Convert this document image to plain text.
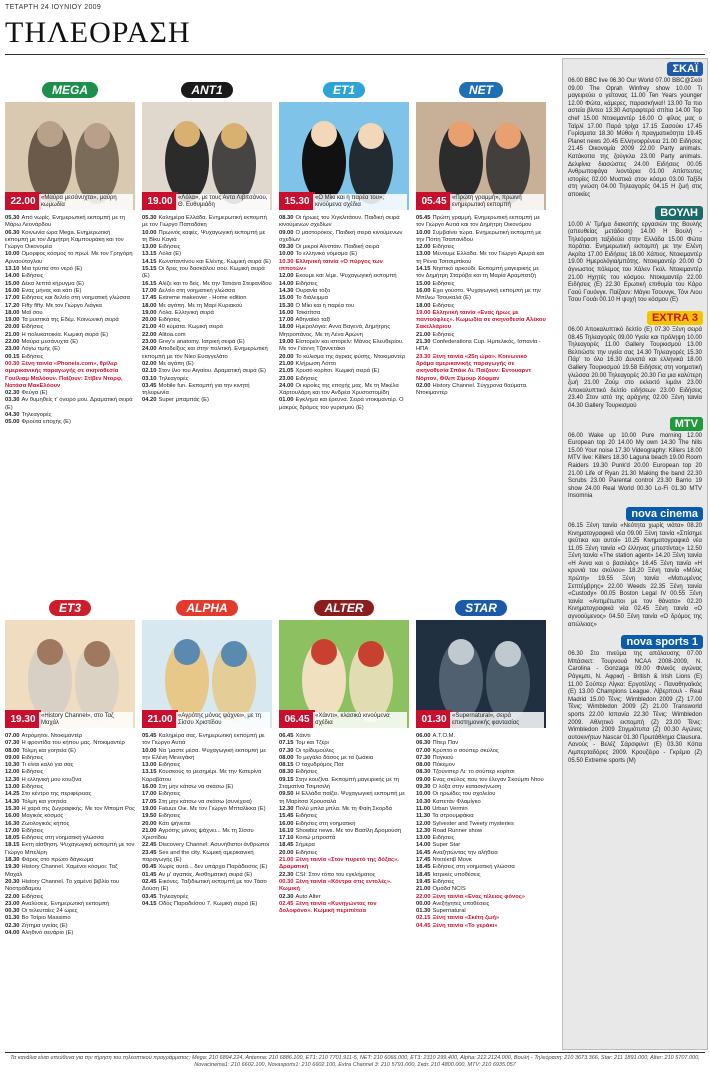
ΤΕΤΑΡΤΗ 24 ΙΟΥΝΙΟΥ 2009
ΤΗΛΕΟΡΑΣΗ
MEGA
22.00 «Μαύρα μεσάνυχτα», μαύρη κωμωδία
05.30 Από νωρίς. Ενημερωτική εκπομπή με τη Μάρω Λεονάρδου
06.30 Κοινωνία ώρα Mega. Ενημερωτική εκπομπή με τον Δημήτρη Καμπουράκη και τον Γιώργο Οικονομέα
10.00 Ομορφος κόσμος το πρωί. Με τον Γρηγόρη Αρναούτογλου
13.10 Μια τρύπα στο νερό (Ε)
14.00 Ειδήσεις
15.00 Δέκα λεπτά κήρυγμα (Ε)
16.00 Ενας μήνας και κάτι (Ε)
17.00 Ειδήσεις και δελτίο στη νοηματική γλώσσα
17.20 Fifty fifty. Με τον Γιώργο Λιάγκα
18.00 Μαΐ σου
19.00 Τα μυστικά της Εδέμ. Κοινωνική σειρά
20.00 Ειδήσεις
21.00 Η πολυκατοικία. Κωμική σειρά (Ε)
22.00 Μαύρα μεσάνυχτα (Ε)
23.00 Λόγω τιμής (Ε)
00.15 Ειδήσεις
00.30 Ξένη ταινία «Phoneis.com», θρίλερ αμερικανικής παραγωγής σε σκηνοθεσία Γουίλιαμ Μαλόουν. Παίζουν: Στίβεν Ντορφ, Νατάσα ΜακΕλόουν
02.30 Φεύγα (Ε)
03.30 Αν θυμηθείς τ' όνειρό μου. Δραματική σειρά (Ε)
04.30 Τηλεαγορές
05.00 Φρούτα εποχής (Ε)
ANT1
19.00 «Λόλα», με τους Αντα Λιβιτσάνου, Θ. Ευθυμιάδη
05.30 Καλημέρα Ελλάδα. Ενημερωτική εκπομπή με τον Γιώργο Παπαδάκη
10.00 Πρωινός καφές. Ψυχαγωγική εκπομπή με τη Βίκυ Καγιά
13.00 Ειδήσεις
13.15 Λόλα (Ε)
14.15 Κωνσταντίνου και Ελένης. Κωμική σειρά (Ε)
15.15 Οι δρες του δασκάλου σου. Κωμική σειρά (Ε)
16.15 Αλίζε και το δείς. Με την Τατιάνα Στεφανίδου
17.00 Δελτίο στη νοηματική γλώσσα
17.45 Extreme makeover - Home edition
18.00 Με αγάπη. Με τη Μαρί Κυριακού
19.00 Λόλα. Ελληνική σειρά
20.00 Ειδήσεις
21.00 40 κύματα. Κωμική σειρά
22.00 Αlitoa.com
23.00 Grey's anatomy. Ιατρική σειρά (Ε)
24.00 Αποδείξεις και στην πολιτική. Ενημερωτική εκπομπή με τον Νίκο Ευαγγελάτο
02.00 Με αγάπη (Ε)
02.10 Στον ίλιο του Αιγαίου. Δραματική σειρά (Ε)
03.10 Τηλεαγορές
03.45 Mobile fun. Εκπομπή για την κινητή τηλεφωνία
04.20 Super μπαμπάς (Ε)
ET1
15.30 «Ο Μίκι και η παρέα του», κινούμενα σχέδια
08.30 Οι ήρωες του Χιγκλιτάουν. Παιδική σειρά κινούμενων σχεδίων
09.00 Ο μαστορόκος. Παιδική σειρά κινούμενων σχεδίων
09.30 Οι μικροί Αϊνστάιν. Παιδική σειρά
10.00 Το ελληνικό νόμισμα (Ε)
10.30 Ελληνική ταινία «Ο πύργος των ιπποτών»
12.00 Εκουμε και λέμε. Ψυχαγωγική εκπομπή
14.00 Ειδήσεις
14.30 Ουρανία τόξο
15.00 Το διάλειμμα
15.30 Ο Μίκι και η παρέα του
16.00 Τσικιτίτσα
17.00 Αθηναϊκό ταξί
18.00 Ημερολόγια: Αννα Βαγενά, Δημήτρης Μητροπάνος. Με τη Λένα Αρώνη
19.00 Είστορεϊν και ιστορείν: Μάνος Ελευθερίου. Με τον Γιάννη Τζαννετάκο
20.00 Το κύλισμα της άγριας φύσης. Ντοκιμαντέρ
21.00 Κλήρωση Λόττο
21.05 Χρυσό κορίτσι. Κωμική σειρά (Ε)
23.00 Ειδήσεις
24.00 Οι κιροίες της εποχής μας. Με τη Μικέλα Χαρτουλάρη και τον Ανδρέα Χρυσοστομίδη
01.00 Εγκλημα και έρευνα. Σειρά ντοκιμαντέρ. Ο μακρύς δρόμος του γυρισμού (Ε)
NET
05.45 «Πρώτη γραμμή», πρωινή ενημερωτική εκπομπή
05.45 Πρώτη γραμμή. Ενημερωτική εκπομπή με τον Γιώργο Αυτιά και τον Δημήτρη Οικονόμου
10.00 Συμβαίνει τώρα. Ενημερωτική εκπομπή με την Πόπη Τσαπανίδου
12.00 Ειδήσεις
13.00 Μένουμε Ελλάδα. Με τον Γιώργο Αμυρά και τη Ρένια Τσιτσιμπίκου
14.15 Νηστικό αρκούδι. Εκπομπή μαγειρικής με τον Δημήτρη Σταρόβα και τη Μαρία Αραμπατζή
15.00 Ειδήσεις
16.00 Εχει γούστο. Ψυχαγωγική εκπομπή με την Μπίλιω Τσουκαλά (Ε)
18.00 Ειδήσεις
19.00 Ελληνική ταινία «Ενας ήρως με παντούφλες». Κωμωδία σε σκηνοθεσία Αλέκου Σακελλάριου
21.00 Ειδήσεις
21.30 Confederations Cup. Ημιτελικός, Ισπανία - ΗΠΑ
23.30 Ξένη ταινία «25η ώρα». Κοινωνικό δράμα αμερικανικής παραγωγής σε σκηνοθεσία Σπάικ Λι. Παίζουν: Εντουαρντ Νόρτον, Φίλιπ Σίμουρ Χόφμαν
02.00 History Channel. Σύγχρονα θαύματα. Ντοκιμαντέρ
ET3
19.30 «History Channel», στο Ταζ Μαχάλ
07.00 Ατρόμητοι. Ντοκιμαντέρ
07.30 Η φροντίδα του κήπου μας. Ντοκιμαντέρ
08.00 Τόλμη και γοητεία (Ε)
09.00 Ειδήσεις
10.30 Τι είναι καλό για σας
12.00 Ειδήσεις
12.30 Η ελληνική μου κουζίνα
13.00 Ειδήσεις
14.25 Στο κέντρο της περιφέρειας
14.30 Τόλμη και γοητεία
15.30 Η χαρά της ζωγραφικής. Με τον Μπομπ Ρος
16.00 Μαγικός κόσμος
16.30 Ζωολογικός κήπος
17.00 Ειδήσεις
18.05 Ειδήσεις στη νοηματική γλώσσα
18.15 Εκτη αίσθηση. Ψυχαγωγική εκπομπή με τον Γιώργο Μπελίρη
18.30 Φάρος στο πρώτο δάγκωμα
19.30 History Channel. Χαμένοι κόσμοι: Ταζ Μαχάλ
20.30 History Channel. Το χαμένο βιβλίο του Νοστράδαμου
22.00 Ειδήσεις
23.00 Αναλύσεις. Ενημερωτική εκπομπή
00.30 Οι τελευταίες 24 ώρες
01.30 Bo Τσίριο Massimo
02.30 Ζήτημα υγείας (Ε)
04.00 Αληθινό σενάριο (Ε)
ALPHA
21.00 «Αγρότης μόνος ψάχνει», με τη Σίσσυ Χριστίδου
05.45 Καλημέρα σας. Ενημερωτική εκπομπή με τον Γιώργο Αυτιά
10.00 Να 'μαστε μέσα. Ψυχαγωγική εκπομπή με την Ελένη Μενεγάκη
13.00 Ειδήσεις
13.15 Κουσκούς το μεσημέρι. Με την Κατερίνα Καραβάτου
16.00 Στη μην κάτσω να σκάσω (Ε)
17.00 Ειδήσεις
17.05 Στη μην κάτσω να σκάσω (συνέχεια)
19.00 Fatuus Οικ. Με τον Γιώργο Μπταλίκκα (Ε)
19.50 Ειδήσεις
20.00 Κάτι ψήνεται
21.00 Αγρότης μόνος ψάχνει... Με τη Σίσσυ Χριστίδου
22.45 Discovery Channel: Ασυνήθιστοι άνθρωποι
23.45 Sex and the city. Κωμική αμερικανική παραγωγής (Ε)
00.45 Χωρίς αυτά... δεν υπάρχει Παράδεισος (Ε)
01.45 Αν μ' αγαπάς. Αισθηματική σειρά (Ε)
02.45 Εικόνες. Ταξιδιωτική εκπομπή με τον Τάσο Δούση (Ε)
03.45 Τηλεαγορές
04.15 Οδός Παραδείσου 7. Κωμική σειρά (Ε)
ALTER
06.45 «Χάιντι», κλασικά κινούμενα σχέδια
06.45 Χάιντι
07.15 Τομ και Τζέρι
07.30 Οι τρίδυμούλες
08.00 Το μεγάλο δάσος με τα ζωάκια
08.15 Ο ταχυδρόμος Πατ
08.30 Ειδήσεις
09.15 Στην κουζίνα. Εκπομπή μαγειρικής με τη Σταματίνα Τσιμτσιλή
09.50 Η Ελλάδα παίζει. Ψυχαγωγική εκπομπή με τη Μαρίτσα Χρουσαλά
12.30 Πολύ μπλα μπλα. Με τη Φαίη Σκορδά
15.45 Ειδήσεις
16.00 Ειδήσεις στη νοηματική
16.10 Showbiz news. Με τον Βασίλη Δρομούση
17.10 Κοιτώ μπροστά
18.45 Σήμερα
20.00 Ειδήσεις
21.00 Ξένη ταινία «Στον πυρετό της δόξας». Δραματική
22.30 CSI: Στον τόπο του εγκλήματος
00.30 Ξένη ταινία «Κόντρα στις εντολές». Κωμική
02.30 Auto Alter
02.45 Ξένη ταινία «Κυνηγώντας τον δολοφόνο». Κωμική περιπέτεια
STAR
01.30 «Supernatural», σειρά επιστημονικής φαντασίας
06.00 Α.Τ.Ο.Μ.
06.30 Πίτερ Παν
07.00 Κρύπτο ο σούπερ σκύλος
07.30 Πογκιού
08.00 Πόκεμον
08.30 Τζούνιπερ Λι: το σούπερ κορίτσι
09.00 Ενας σκύλος που τον έλεγαν Σκούμπι Ντου
09.30 Ο λόξα στην κατασκήνωση
10.00 Οι ηρωίδες του σχολείου
10.30 Καπετάν Φλαμίγκο
11.00 Urban Vermin
11.30 Τα στρουμφάκια
12.00 Sylvester and Tweety mysteries
12.30 Road Runner show
13.00 Ειδήσεις
14.00 Super Star
16.45 Αναζητώντας την αλήθεια
17.45 Ντετέκτιβ Μονκ
18.45 Ειδήσεις στη νοηματική γλώσσα
18.45 Ιατρικές υποθέσεις
19.45 Ειδήσεις
21.00 Ομάδα NCIS
22.00 Ξένη ταινία «Ενας τέλειος φόνος»
00.00 Ανεξήγητες υποθέσεις
01.30 Supernatural
02.15 Ξένη ταινία «Σκέτη ζωή»
04.45 Ξένη ταινία «Το γεράκι»
ΣΚΑΪ
06.00 BBC live 06.30 Our World 07.00 BBC@Σκάι 09.00 The Oprah Winfrey show 10.00 Τι μαγειρεύει ο γείτονας 11.00 Ten Years younger 12.00 Φώτα, κάμερες, παρασκήνια!! 13.00 Τα πιο αστεία βίντεο 13.30 Αστραφτερά σπίτια 14.00 Top chef 15.00 Ντοκιμαντέρ 16.00 Ο φίλος μας ο Ταϊρλί 17.00 Παρά τρίχα 17.15 Σασούκι 17.45 Γυρίσματα 18.30 Μύθοι ή πραγματικότητα 19.45 Planet news 20.45 Ελληνοφρένεια 21.00 Ειδήσεις 21.45 Οικονομία 2009 22.00 Party animals. Κατάκοπα της ζούγκλα 23.00 Party animals. Δελφίνια διασώστες 24.00 Ειδήσεις 00.05 Ανθρωποφάγα λιοντάρια 01.00 Απίστευτες ιστορίες 02.00 Μυστικά στον κόσμο 03.00 Ταξίδι στη γνώση 04.00 Τηλεαγορές 04.15 Η ζωή στις αποικίες
ΒΟΥΛΗ
10.00 Α' Τμήμα διακοπής εργασιών της Βουλής (απευθείας μετάδοση) 14.00 Η Βουλή - Τηλεόραση ταξιδεύει στην Ελλάδα 15.00 Φώτα ποράτια. Ενημερωτική εκπομπή με την Ελένη Ακρίτα 17.00 Ειδήσεις 18.00 Χάπιος. Ντοκιμαντέρ 19.00 Ημερολόγια/μπότης. Ντοκιμαντέρ 20.00 Ο άγνωστος πόλεμος του Χάλεν Γκολ. Ντοκιμαντέρ 21.00 Ηχητές του κόσμου. Ντοκιμαντέρ 22.00 Ειδήσεις (Ε) 22.30 Ερωτική επιθυμία του Κάρο Γαού Γουόνγκ. Παίζουν: Μάγκι Τσουνγκ, Τόνι Λιου Τσου Γουάι 00.10 Η ψυχή του κόσμου (Ε)
EXTRA 3
06.00 Αποκαλυπτικό δελτίο (Ε) 07.30 Ξένη σειρά 08.45 Τηλεαγορές 09.00 Υγεία και πρόληψη 10.00 Τηλεαγορές 11.00 Gallery Τουρκισμού 13.00 Βελτιώστε την υγεία σας 14.30 Τηλεαγορές 15.30 Πάρ' το όλο 16.30 Δυνατά και ελληνικά 18.00 Gallery Τουρκισμού 19.58 Ειδήσεις στη νοηματική γλώσσα 20.00 Τηλεαγορές 20.30 Για μια καλύτερη ζωή 21.00 Ζούμ στο εκλεκτό λιμάνι 23.00 Αποκαλυπτικό δελτίο ειδήσεων 23.00 Ειδήσεις 23.40 Στον ιστό της αράχνης 02.00 Ξένη ταινία 04.30 Gallery Τουρκισμού
MTV
06.00 Wake up 10.00 Pure morning 12.00 European top 20 14.00 My own 14.30 The hills 15.00 Your noise 17.30 Videography: Killers 18.00 MTV live: Killers 18.30 Laguna beach 19.00 Room Raiders 19.30 Punk'd 20.00 European top 20 21.00 Life of Ryan 21.30 Making the band 22.30 Scrubs 23.00 Parental control 23.30 Barrio 19 show 24.00 Real World 00.30 Lo-Fi 01.30 MTV Insomnia
nova cinema
06.15 Ξένη ταινία «Νεότητα χωρίς νιάτα» 08.20 Κινηματογραφικά νέα 09.00 Ξένη ταινία «Σπίσημε ψεύτικα και αυτοί» 10.25 Κινηματογραφικά νέα 11.05 Ξένη ταινία «Ο έλληνας μπεστίντας» 12.50 Ξένη ταινία «The station agent» 14.20 Ξένη ταινία «Η Αννα και ο βασιλιάς» 16.45 Ξένη ταινία «Η κρυνιά του σκύλου» 18.20 Ξένη ταινία «Μόλις πρώτη» 19.55 Ξένη ταινία «Ματωμένος Σεπτέμβρης» 22.00 Weeds 22.35 Ξένη ταινία «Custody» 00.05 Boston Legal IV 00.55 Ξένη ταινία «Αντιμέτωποι με τον θάνατο» 02.20 Κινηματογραφικά νέα 02.45 Ξένη ταινία «Ο αγνοούμενος» 04.50 Ξένη ταινία «Ο δρόμος της απώλειας»
nova sports 1
06.30 Στο πνεύμα της απόλαυσης 07.00 Μπάσκετ: Τουρνουά NCAA 2008-2009, N. Carolina - Gonzaga 09.00 Φιλικός αγώνας Ράγκμπι, N. Αφρική - British & Irish Lions (E) 11.00 Σούπερ Λίγκα: Εργοτέλης - Παναθηναϊκός (Ε) 13.00 Champions League. Λίβερπουλ - Real Madrid 15.00 Τένις: Wimbledon 2009 (Z) 17.00 Τένις: Wimbledon 2009 (Z) 21.00 Transworld sports 22.00 Ισπανία 22.30 Τένις: Wimbledon 2009. Αθλητικό εκπομπή (Z) 23.00 Τένις: Wimbledon 2009 Στιγμιότυπα (Z) 00.30 Αγώνες αυτοκινήτων Nascar 01.30 Πρωτάθλημα Clausura. Λανούς - Βελέζ Σάρσφιλντ (E) 03.30 Κόπα Λιμπερταδόρες 2009. Κρουζέιρο - Γκρέμιο (Ζ) 05.50 Extreme sports (M)
Τα κανάλια είναι υπεύθυνα για την τήρηση του τηλεοπτικού προγράμματος: Mega: 210 6894.224, Antenna: 210 6886.100, ΕΤ1: 210 7701.911-5, ΝΕΤ: 210 6066.000, ΕΤ3: 2310 299.400, Alpha: 212.2124.000, Βουλή - Τηλεόραση: 210 3673.366, Star: 211 1891.000, Alter: 210 5707.000, Novacinema1: 210 6602.100, Novasports1: 210 6602.100, Extra Channel 3: 210 5791.000, Σκάι: 210 4800.000, MTV: 210 6935.057
